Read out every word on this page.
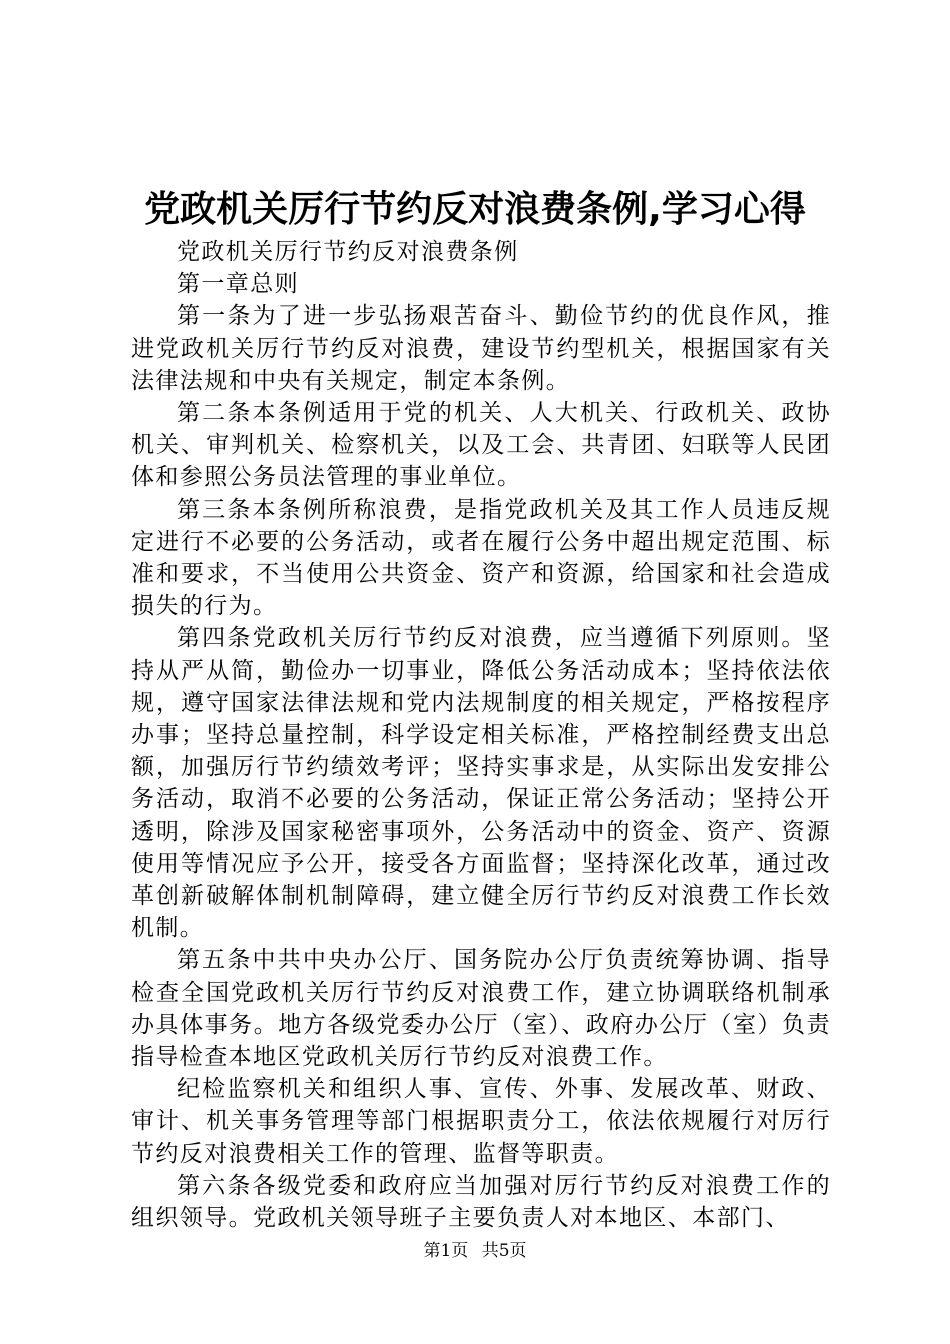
党政机关厉行节约反对浪费条例,学习心得

党政机关厉行节约反对浪费条例

第一章总则

第一条为了进一步弘扬艰苦奋斗、勤俭节约的优良作风，推进党政机关厉行节约反对浪费，建设节约型机关，根据国家有关法律法规和中央有关规定，制定本条例。

第二条本条例适用于党的机关、人大机关、行政机关、政协机关、审判机关、检察机关，以及工会、共青团、妇联等人民团体和参照公务员法管理的事业单位。

第三条本条例所称浪费，是指党政机关及其工作人员违反规定进行不必要的公务活动，或者在履行公务中超出规定范围、标准和要求，不当使用公共资金、资产和资源，给国家和社会造成损失的行为。

第四条党政机关厉行节约反对浪费，应当遵循下列原则。坚持从严从简，勤俭办一切事业，降低公务活动成本；坚持依法依规，遵守国家法律法规和党内法规制度的相关规定，严格按程序办事；坚持总量控制，科学设定相关标准，严格控制经费支出总额，加强厉行节约绩效考评；坚持实事求是，从实际出发安排公务活动，取消不必要的公务活动，保证正常公务活动；坚持公开透明，除涉及国家秘密事项外，公务活动中的资金、资产、资源使用等情况应予公开，接受各方面监督；坚持深化改革，通过改革创新破解体制机制障碍，建立健全厉行节约反对浪费工作长效机制。

第五条中共中央办公厅、国务院办公厅负责统筹协调、指导检查全国党政机关厉行节约反对浪费工作，建立协调联络机制承办具体事务。地方各级党委办公厅（室）、政府办公厅（室）负责指导检查本地区党政机关厉行节约反对浪费工作。

纪检监察机关和组织人事、宣传、外事、发展改革、财政、审计、机关事务管理等部门根据职责分工，依法依规履行对厉行节约反对浪费相关工作的管理、监督等职责。

第六条各级党委和政府应当加强对厉行节约反对浪费工作的组织领导。党政机关领导班子主要负责人对本地区、本部门、

第1页 共5页
